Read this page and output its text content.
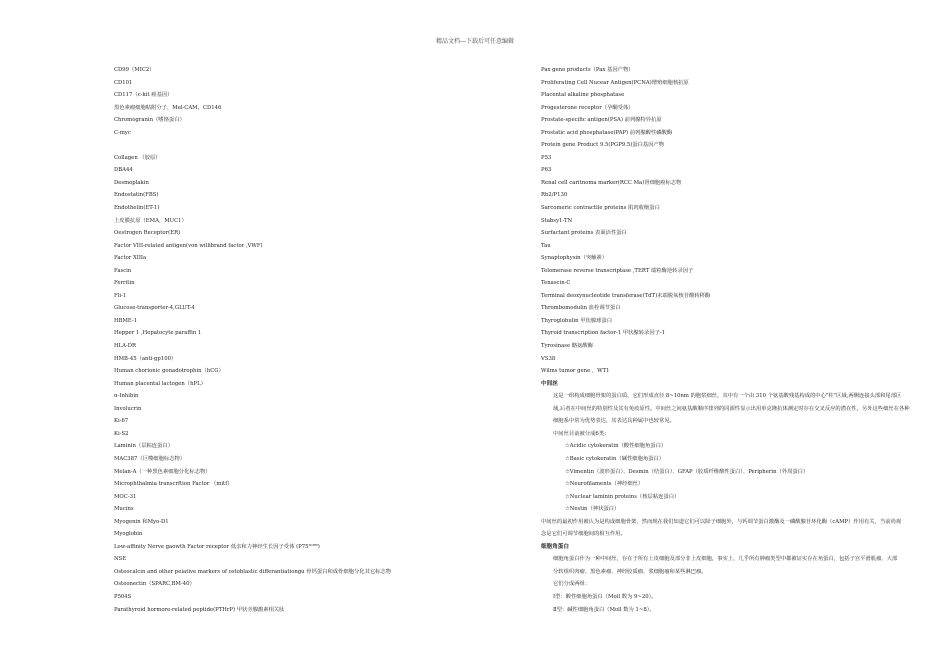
精品文档---下载后可任意编辑
CD99（MIC2）
CD101
CD117（c-kit 癌基因）
黑色素瘤细胞粘附分子，Mel-CAM，CD146
Chromogranin（嗜铬蛋白）
C-myc
Collagen （胶原）
DBA44
Desmoplakin
Endostatin(FBS)
Endothelin(ET-1)
上皮膜抗原（EMA，MUC1）
Oestrogen Receptor(ER)
Factor VIII-related antigen(von willibrand factor ,VWF)
Factor XIIIa
Fascin
Ferritin
Fli-1
Glucose-transporter-4,GLUT-4
HBME-1
Hepper 1 ,Hepatocyte paraffin 1
HLA-DR
HMB-45（anti-gp100）
Human chorionic gonadotrophin（hCG）
Human placental lactogen（hPL）
α-Inhibin
Involucrin
Ki-67
Ki-S2
Laminin（层粘连蛋白）
MAC387（巨噬细胞标志物）
Melan-A（一种黑色素细胞分化标志物）
Microphthalmia transcrftion Factor （mitf）
MOC-31
Mucins
Myogenin 和Myo-D1
Myoglobin
Low-affinity Nerve gaowth Factor receptor 低亲和力神经生长因子受体 (P75ᴺᴳᶠᴿ)
NSE
Osteocalcin and other peiative markers of ostoblastic differantiationgu 骨钙蛋白和成骨细胞分化其它标志物
Osteonectin（SPARC,BM-40）
P504S
Parathyroid hormore-related peptide(PTHrP) 甲状旁腺激素相关肽
Pax gene products（Pax 基因产物）
Proliferating Cell Nucear Antigen(PCNA)增殖细胞核抗原
Placental alkaline phosphatase
Progesterone receptor（孕酮受体）
Prostate-specific antigen(PSA) 前列腺特异抗原
Prostatic acid phosphatase(PAP) 前列腺酸性磷酸酶
Protein gene Product 9.5(PGP9.5)蛋白基因产物
P53
P63
Renal cell caritnoma marker(RCC Ma)肾细胞癌标志物
Rb2/P130
Sarcomeric contractile proteins 肌肉收缩蛋白
Stabsy1-TN
Surfactant proteins 表面活性蛋白
Tau
Synaptophysin（突触素）
Telomerase reverse transcriptase ,TERT 端粒酶逆转录因子
Tenascin-C
Terminal deoxynucleotide transferase(TdT)末端脱氧核苷酸转移酶
Thrombomodulin 血栓调节蛋白
Thyroglobulin 甲状腺球蛋白
Thyroid transcription factor-1 甲状腺转录因子-1
Tyrosinase 酪氨酸酶
VS38
Wilms tumor gene ，WT1
中间丝
这是一组构成细胞骨架的蛋白质，它们形成直径 8~10nm 的胞浆细丝，其中有一个由 310 个氨基酸残基构成的中心"柱"区域,两侧连接头部和尾部区
域,后者在中间丝的特别性及其有免疫原性。中间丝之间氨基酸顺序排列的同源性显示出用单克隆抗体测定时存在交叉反应的潜在性，另外这些细丝在各种
细胞系中常为优势表达，其表达具种属中也较常见。
中间丝目前被分成6类：
☆Acidic cytokeratin（酸性细胞角蛋白）
☆Basic cytokeratin（碱性细胞角蛋白）
☆Vimentin（波形蛋白）、Desmin（结蛋白）、GFAP（胶质纤维酸性蛋白）、Peripherin（外周蛋白）
☆Neurofilaments（神经细丝）
☆Nuclear laminin proteins（核层粘连蛋白）
☆Nestin（神状蛋白）
中间丝的最初作用被认为是构成细胞骨架，然而现在我们知道它们可以除子细胞外，与钙调节蛋白激酶及一磷酸腺苷环化酶（cAMP）作用有关，当前尚观
念是它们可调节细胞间的相互作用。
细胞角蛋白
细胞角蛋白作为一种中间丝，存在于所有上皮细胞及部分非上皮细胞，事实上，几乎所有肿瘤类型中都被证实存在角蛋白，包括子宫平滑肌瘤、大部
分软组织肉瘤、黑色素瘤、神经胶质瘤、浆细胞瘤和某些淋巴瘤。
它们分成两组：
Ⅰ型：酸性细胞角蛋白（Moll 数为 9~20）。
Ⅱ型：碱性细胞角蛋白（Moll 数为 1~8）。
